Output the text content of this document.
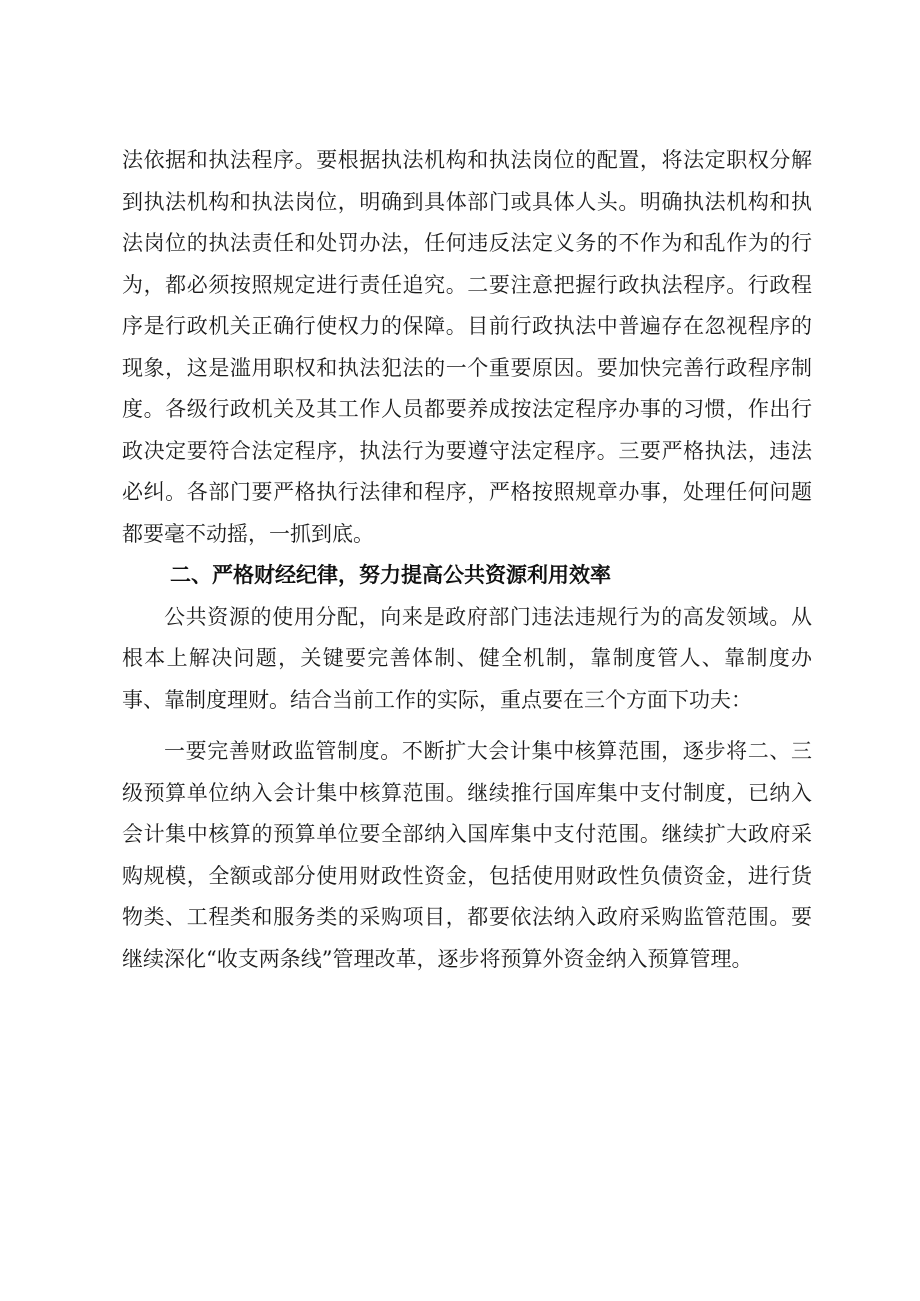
法依据和执法程序。要根据执法机构和执法岗位的配置，将法定职权分解到执法机构和执法岗位，明确到具体部门或具体人头。明确执法机构和执法岗位的执法责任和处罚办法，任何违反法定义务的不作为和乱作为的行为，都必须按照规定进行责任追究。二要注意把握行政执法程序。行政程序是行政机关正确行使权力的保障。目前行政执法中普遍存在忽视程序的现象，这是滥用职权和执法犯法的一个重要原因。要加快完善行政程序制度。各级行政机关及其工作人员都要养成按法定程序办事的习惯，作出行政决定要符合法定程序，执法行为要遵守法定程序。三要严格执法，违法必纠。各部门要严格执行法律和程序，严格按照规章办事，处理任何问题都要毫不动摇，一抓到底。

二、严格财经纪律，努力提高公共资源利用效率

公共资源的使用分配，向来是政府部门违法违规行为的高发领域。从根本上解决问题，关键要完善体制、健全机制，靠制度管人、靠制度办事、靠制度理财。结合当前工作的实际，重点要在三个方面下功夫：

一要完善财政监管制度。不断扩大会计集中核算范围，逐步将二、三级预算单位纳入会计集中核算范围。继续推行国库集中支付制度，已纳入会计集中核算的预算单位要全部纳入国库集中支付范围。继续扩大政府采购规模，全额或部分使用财政性资金，包括使用财政性负债资金，进行货物类、工程类和服务类的采购项目，都要依法纳入政府采购监管范围。要继续深化“收支两条线”管理改革，逐步将预算外资金纳入预算管理。
